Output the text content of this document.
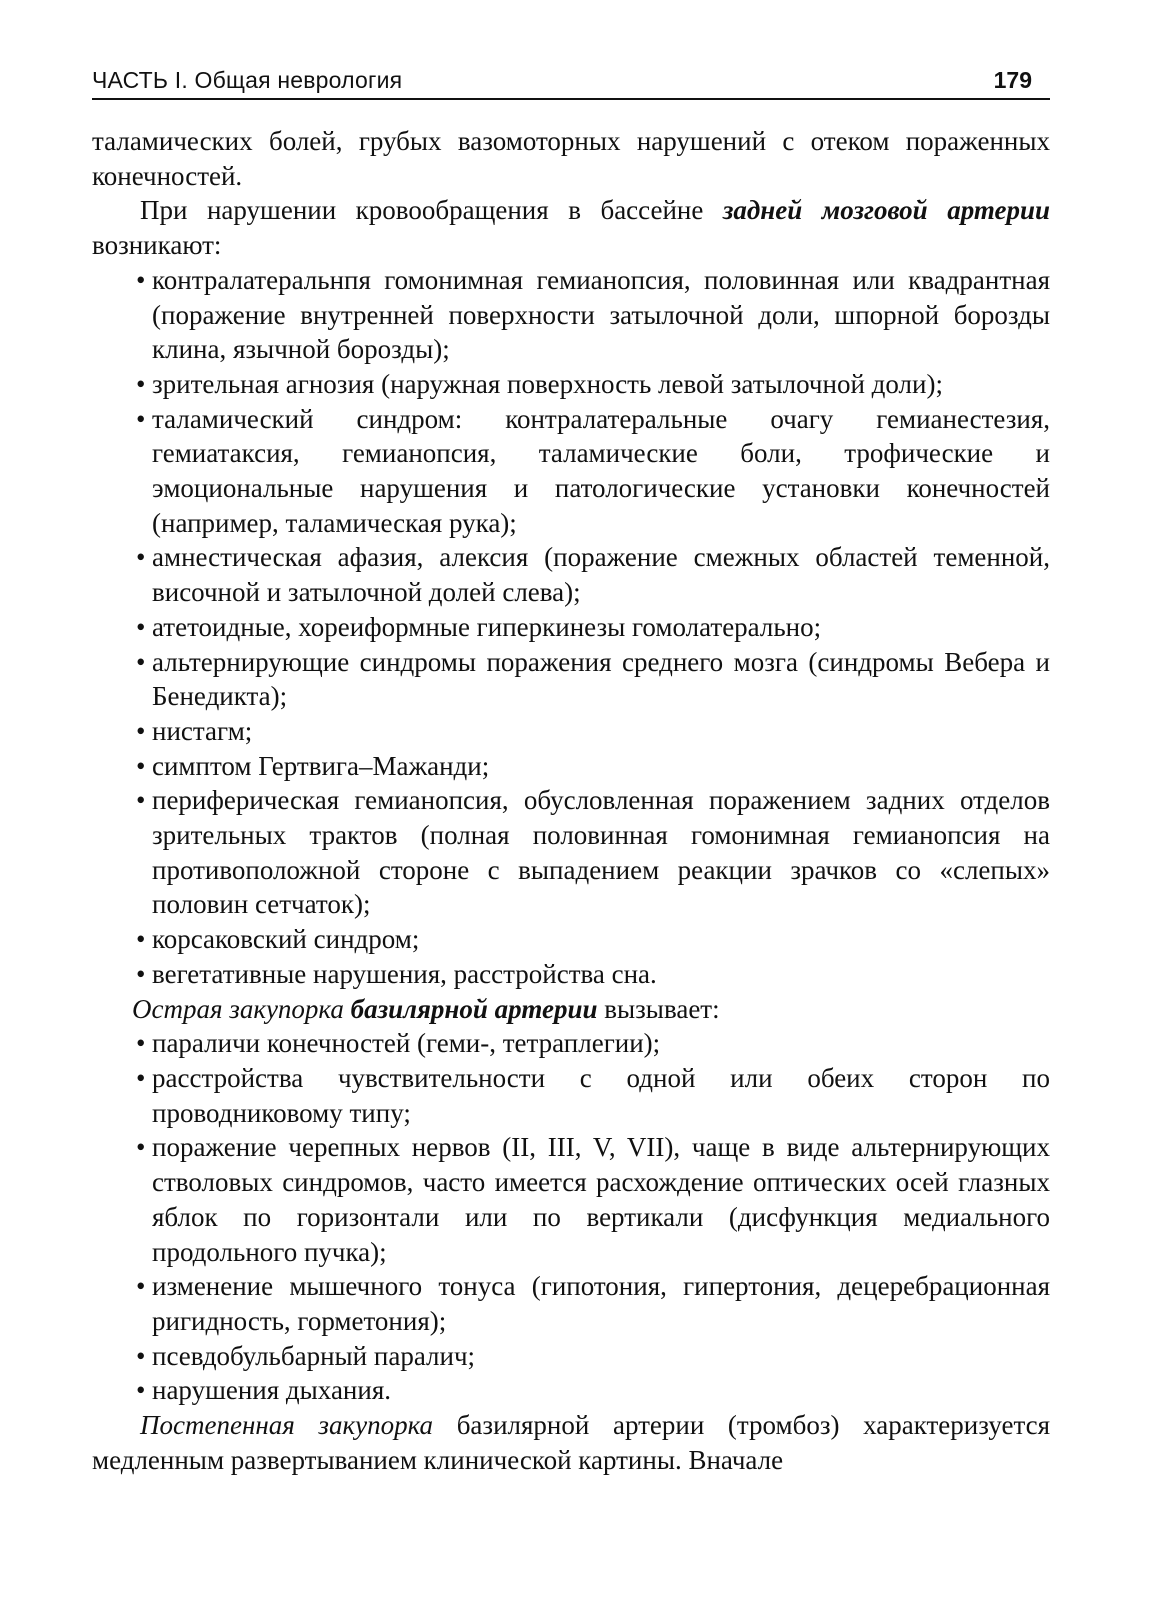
ЧАСТЬ I. Общая неврология	179

таламических болей, грубых вазомоторных нарушений с отеком пораженных конечностей.

При нарушении кровообращения в бассейне задней мозговой артерии возникают:

• контралатеральнпя гомонимная гемианопсия, половинная или квадрантная (поражение внутренней поверхности затылочной доли, шпорной борозды клина, язычной борозды);
• зрительная агнозия (наружная поверхность левой затылочной доли);
• таламический синдром: контралатеральные очагу гемианестезия, гемиатаксия, гемианопсия, таламические боли, трофические и эмоциональные нарушения и патологические установки конечностей (например, таламическая рука);
• амнестическая афазия, алексия (поражение смежных областей теменной, височной и затылочной долей слева);
• атетоидные, хореиформные гиперкинезы гомолатерально;
• альтернирующие синдромы поражения среднего мозга (синдромы Вебера и Бенедикта);
• нистагм;
• симптом Гертвига–Мажанди;
• периферическая гемианопсия, обусловленная поражением задних отделов зрительных трактов (полная половинная гомонимная гемианопсия на противоположной стороне с выпадением реакции зрачков со «слепых» половин сетчаток);
• корсаковский синдром;
• вегетативные нарушения, расстройства сна.

Острая закупорка базилярной артерии вызывает:

• параличи конечностей (геми-, тетраплегии);
• расстройства чувствительности с одной или обеих сторон по проводниковому типу;
• поражение черепных нервов (II, III, V, VII), чаще в виде альтернирующих стволовых синдромов, часто имеется расхождение оптических осей глазных яблок по горизонтали или по вертикали (дисфункция медиального продольного пучка);
• изменение мышечного тонуса (гипотония, гипертония, децеребрационная ригидность, горметония);
• псевдобульбарный паралич;
• нарушения дыхания.

Постепенная закупорка базилярной артерии (тромбоз) характеризуется медленным развертыванием клинической картины. Вначале
